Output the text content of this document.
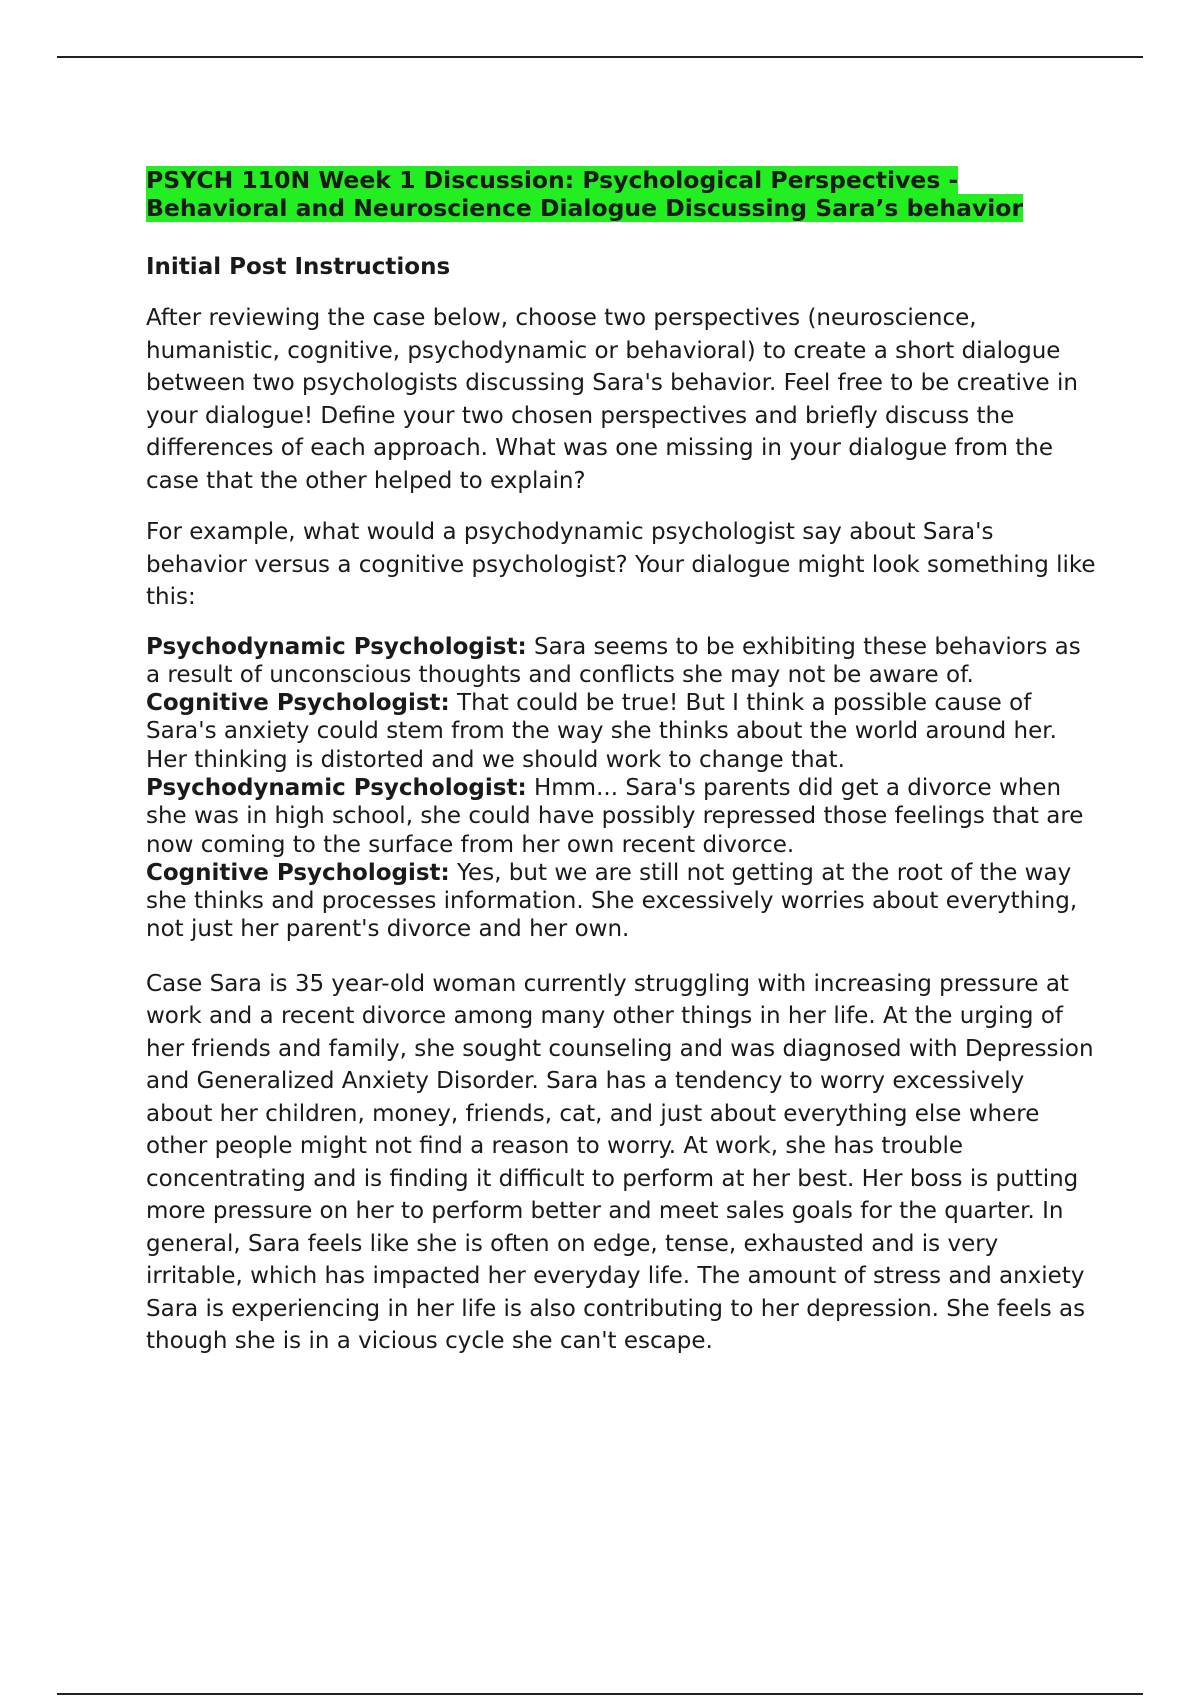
PSYCH 110N Week 1 Discussion: Psychological Perspectives - Behavioral and Neuroscience Dialogue Discussing Sara’s behavior
Initial Post Instructions

After reviewing the case below, choose two perspectives (neuroscience, humanistic, cognitive, psychodynamic or behavioral) to create a short dialogue between two psychologists discussing Sara's behavior. Feel free to be creative in your dialogue! Define your two chosen perspectives and briefly discuss the differences of each approach. What was one missing in your dialogue from the case that the other helped to explain?

For example, what would a psychodynamic psychologist say about Sara's behavior versus a cognitive psychologist? Your dialogue might look something like this:

Psychodynamic Psychologist: Sara seems to be exhibiting these behaviors as a result of unconscious thoughts and conflicts she may not be aware of.
Cognitive Psychologist: That could be true! But I think a possible cause of Sara's anxiety could stem from the way she thinks about the world around her. Her thinking is distorted and we should work to change that.
Psychodynamic Psychologist: Hmm... Sara's parents did get a divorce when she was in high school, she could have possibly repressed those feelings that are now coming to the surface from her own recent divorce.
Cognitive Psychologist: Yes, but we are still not getting at the root of the way she thinks and processes information. She excessively worries about everything, not just her parent's divorce and her own.

Case Sara is 35 year-old woman currently struggling with increasing pressure at work and a recent divorce among many other things in her life. At the urging of her friends and family, she sought counseling and was diagnosed with Depression and Generalized Anxiety Disorder. Sara has a tendency to worry excessively about her children, money, friends, cat, and just about everything else where other people might not find a reason to worry. At work, she has trouble concentrating and is finding it difficult to perform at her best. Her boss is putting more pressure on her to perform better and meet sales goals for the quarter. In general, Sara feels like she is often on edge, tense, exhausted and is very irritable, which has impacted her everyday life. The amount of stress and anxiety Sara is experiencing in her life is also contributing to her depression. She feels as though she is in a vicious cycle she can't escape.
